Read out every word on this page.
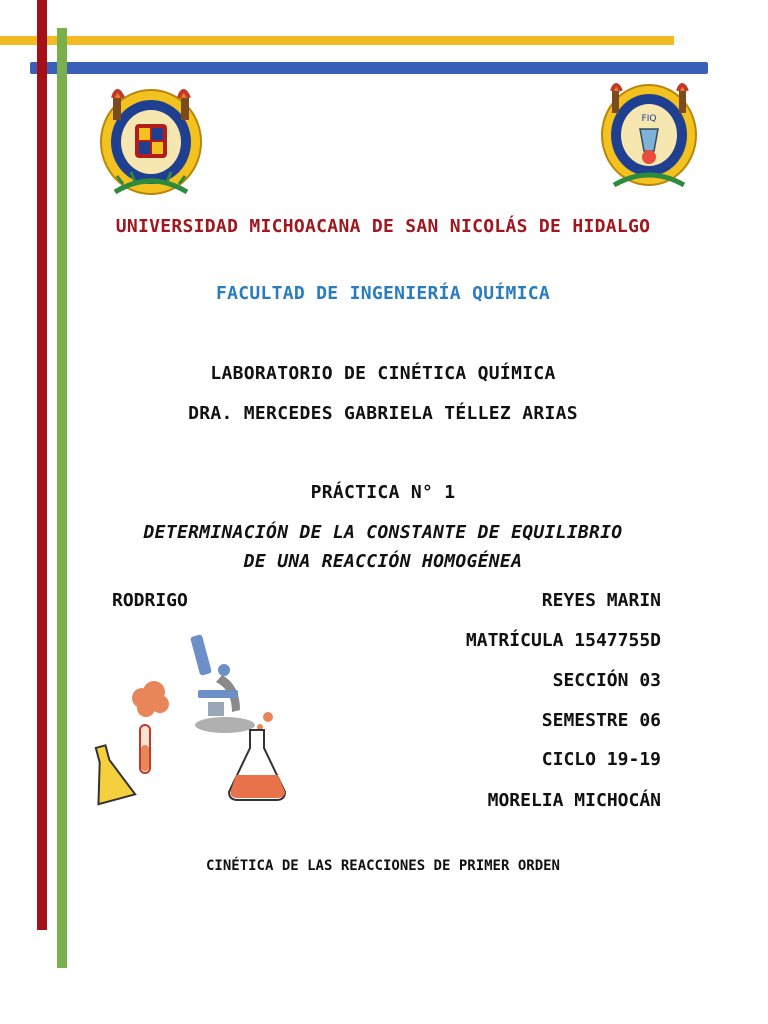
FIQ
UNIVERSIDAD MICHOACANA DE SAN NICOLÁS DE HIDALGO
FACULTAD DE INGENIERÍA QUÍMICA
LABORATORIO DE CINÉTICA QUÍMICA
DRA. MERCEDES GABRIELA TÉLLEZ ARIAS
PRÁCTICA N° 1
DETERMINACIÓN DE LA CONSTANTE DE EQUILIBRIO
DE UNA REACCIÓN HOMOGÉNEA
RODRIGO	REYES MARIN
MATRÍCULA 1547755D
SECCIÓN 03
SEMESTRE 06
CICLO 19-19
MORELIA MICHOCÁN
CINÉTICA DE LAS REACCIONES DE PRIMER ORDEN
